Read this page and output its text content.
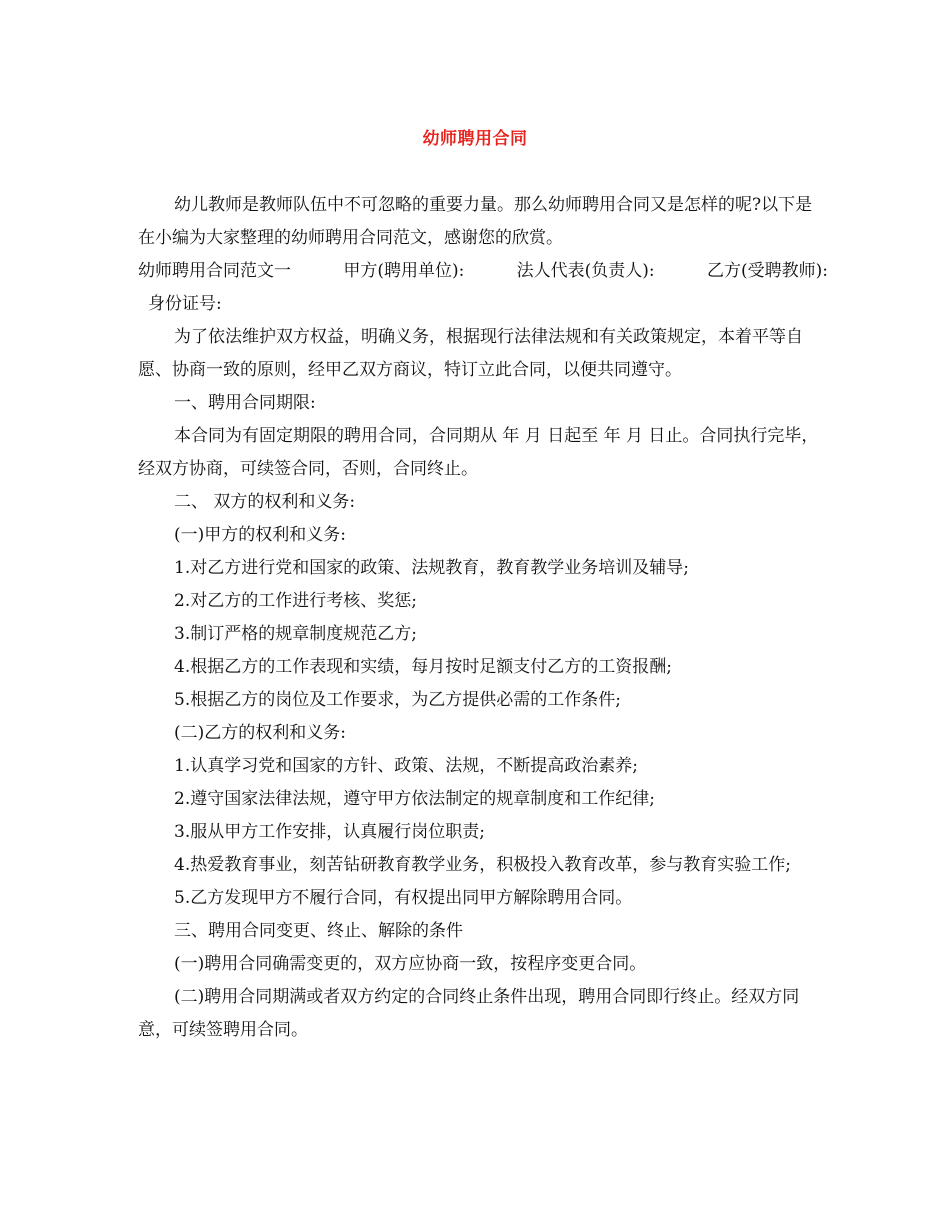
幼师聘用合同

幼儿教师是教师队伍中不可忽略的重要力量。那么幼师聘用合同又是怎样的呢?以下是在小编为大家整理的幼师聘用合同范文，感谢您的欣赏。

幼师聘用合同范文一	甲方(聘用单位):	法人代表(负责人):	乙方(受聘教师):

身份证号:

为了依法维护双方权益，明确义务，根据现行法律法规和有关政策规定，本着平等自愿、协商一致的原则，经甲乙双方商议，特订立此合同，以便共同遵守。

一、聘用合同期限:

本合同为有固定期限的聘用合同，合同期从 年 月 日起至 年 月 日止。合同执行完毕，经双方协商，可续签合同，否则，合同终止。

二、 双方的权利和义务:

(一)甲方的权利和义务:

1.对乙方进行党和国家的政策、法规教育，教育教学业务培训及辅导;

2.对乙方的工作进行考核、奖惩;

3.制订严格的规章制度规范乙方;

4.根据乙方的工作表现和实绩，每月按时足额支付乙方的工资报酬;

5.根据乙方的岗位及工作要求，为乙方提供必需的工作条件;

(二)乙方的权利和义务:

1.认真学习党和国家的方针、政策、法规，不断提高政治素养;

2.遵守国家法律法规，遵守甲方依法制定的规章制度和工作纪律;

3.服从甲方工作安排，认真履行岗位职责;

4.热爱教育事业，刻苦钻研教育教学业务，积极投入教育改革，参与教育实验工作;

5.乙方发现甲方不履行合同，有权提出同甲方解除聘用合同。

三、聘用合同变更、终止、解除的条件

(一)聘用合同确需变更的，双方应协商一致，按程序变更合同。

(二)聘用合同期满或者双方约定的合同终止条件出现，聘用合同即行终止。经双方同意，可续签聘用合同。
